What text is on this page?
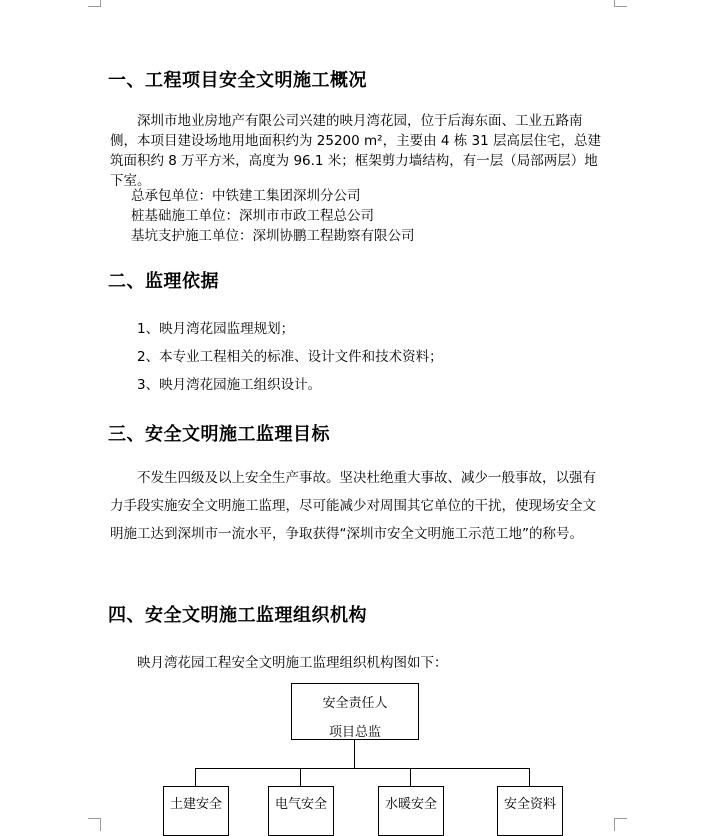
一、工程项目安全文明施工概况

深圳市地业房地产有限公司兴建的映月湾花园，位于后海东面、工业五路南侧，本项目建设场地用地面积约为 25200 m²，主要由 4 栋 31 层高层住宅，总建筑面积约 8 万平方米，高度为 96.1 米；框架剪力墙结构，有一层（局部两层）地下室。

总承包单位：中铁建工集团深圳分公司

桩基础施工单位：深圳市市政工程总公司

基坑支护施工单位：深圳协鹏工程勘察有限公司

二、监理依据

1、映月湾花园监理规划；

2、本专业工程相关的标准、设计文件和技术资料；

3、映月湾花园施工组织设计。

三、安全文明施工监理目标

不发生四级及以上安全生产事故。坚决杜绝重大事故、减少一般事故，以强有力手段实施安全文明施工监理，尽可能减少对周围其它单位的干扰，使现场安全文明施工达到深圳市一流水平，争取获得“深圳市安全文明施工示范工地”的称号。

四、安全文明施工监理组织机构

映月湾花园工程安全文明施工监理组织机构图如下：

安全责任人
项目总监
土建安全	电气安全	水暖安全	安全资料
